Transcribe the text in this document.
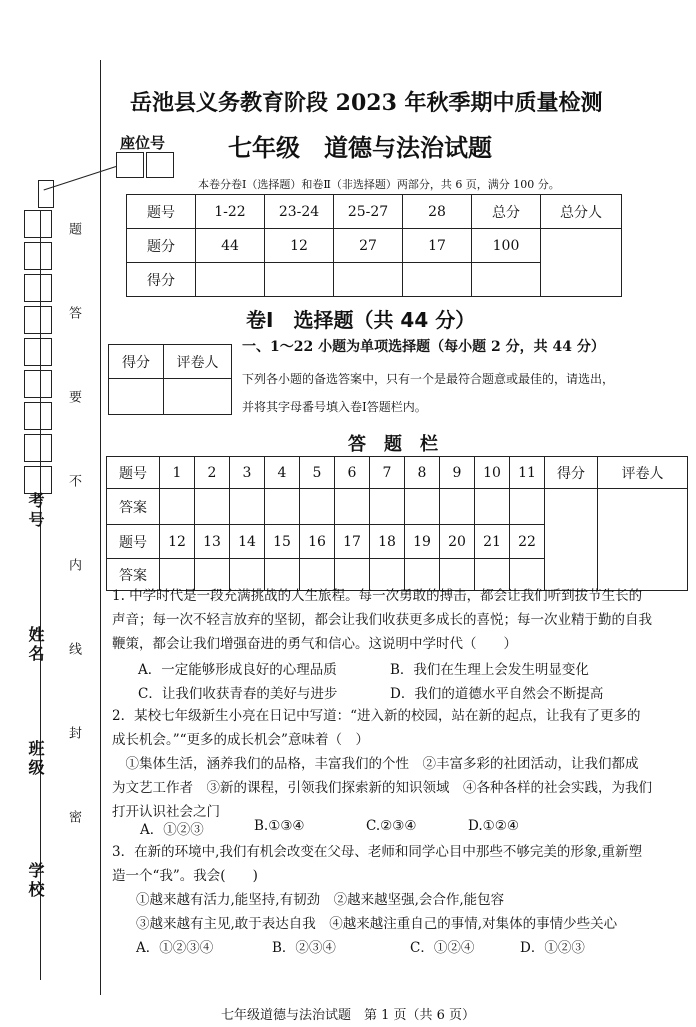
考号
姓名
班级
学校
题
答
要
不
内
线
封
密
座位号
岳池县义务教育阶段 2023 年秋季期中质量检测
七年级　道德与法治试题
本卷分卷Ⅰ（选择题）和卷Ⅱ（非选择题）两部分，共 6 页，满分 100 分。
题号	1-22	23-24	25-27	28	总分	总分人
题分	44	12	27	17	100	
得分						
卷Ⅰ　选择题（共 44 分）
得分	评卷人

一、1～22 小题为单项选择题（每小题 2 分，共 44 分）
下列各小题的备选答案中，只有一个是最符合题意或最佳的，请选出，
并将其字母番号填入卷Ⅰ答题栏内。
答　题　栏
题号	1	2	3	4	5	6	7	8	9	10	11	得分	评卷人
答案													
题号	12	13	14	15	16	17	18	19	20	21	22		
答案													
1. 中学时代是一段充满挑战的人生旅程。每一次勇敢的搏击，都会让我们听到拔节生长的
声音；每一次不轻言放弃的坚韧，都会让我们收获更多成长的喜悦；每一次业精于勤的自我
鞭策，都会让我们增强奋进的勇气和信心。这说明中学时代（　　）
A．一定能够形成良好的心理品质	B．我们在生理上会发生明显变化
C．让我们收获青春的美好与进步	D．我们的道德水平自然会不断提高
2．某校七年级新生小亮在日记中写道：“进入新的校园，站在新的起点，让我有了更多的
成长机会。”“更多的成长机会”意味着（　）
　①集体生活，涵养我们的品格，丰富我们的个性　②丰富多彩的社团活动，让我们都成
为文艺工作者　③新的课程，引领我们探索新的知识领域　④各种各样的社会实践，为我们
打开认识社会之门
A．①②③	B.①③④	C.②③④	D.①②④
3．在新的环境中,我们有机会改变在父母、老师和同学心目中那些不够完美的形象,重新塑
造一个“我”。我会(　　)
①越来越有活力,能坚持,有韧劲　②越来越坚强,会合作,能包容
③越来越有主见,敢于表达自我　④越来越注重自己的事情,对集体的事情少些关心
A．①②③④	B．②③④	C．①②④	D．①②③
七年级道德与法治试题　第 1 页（共 6 页）
